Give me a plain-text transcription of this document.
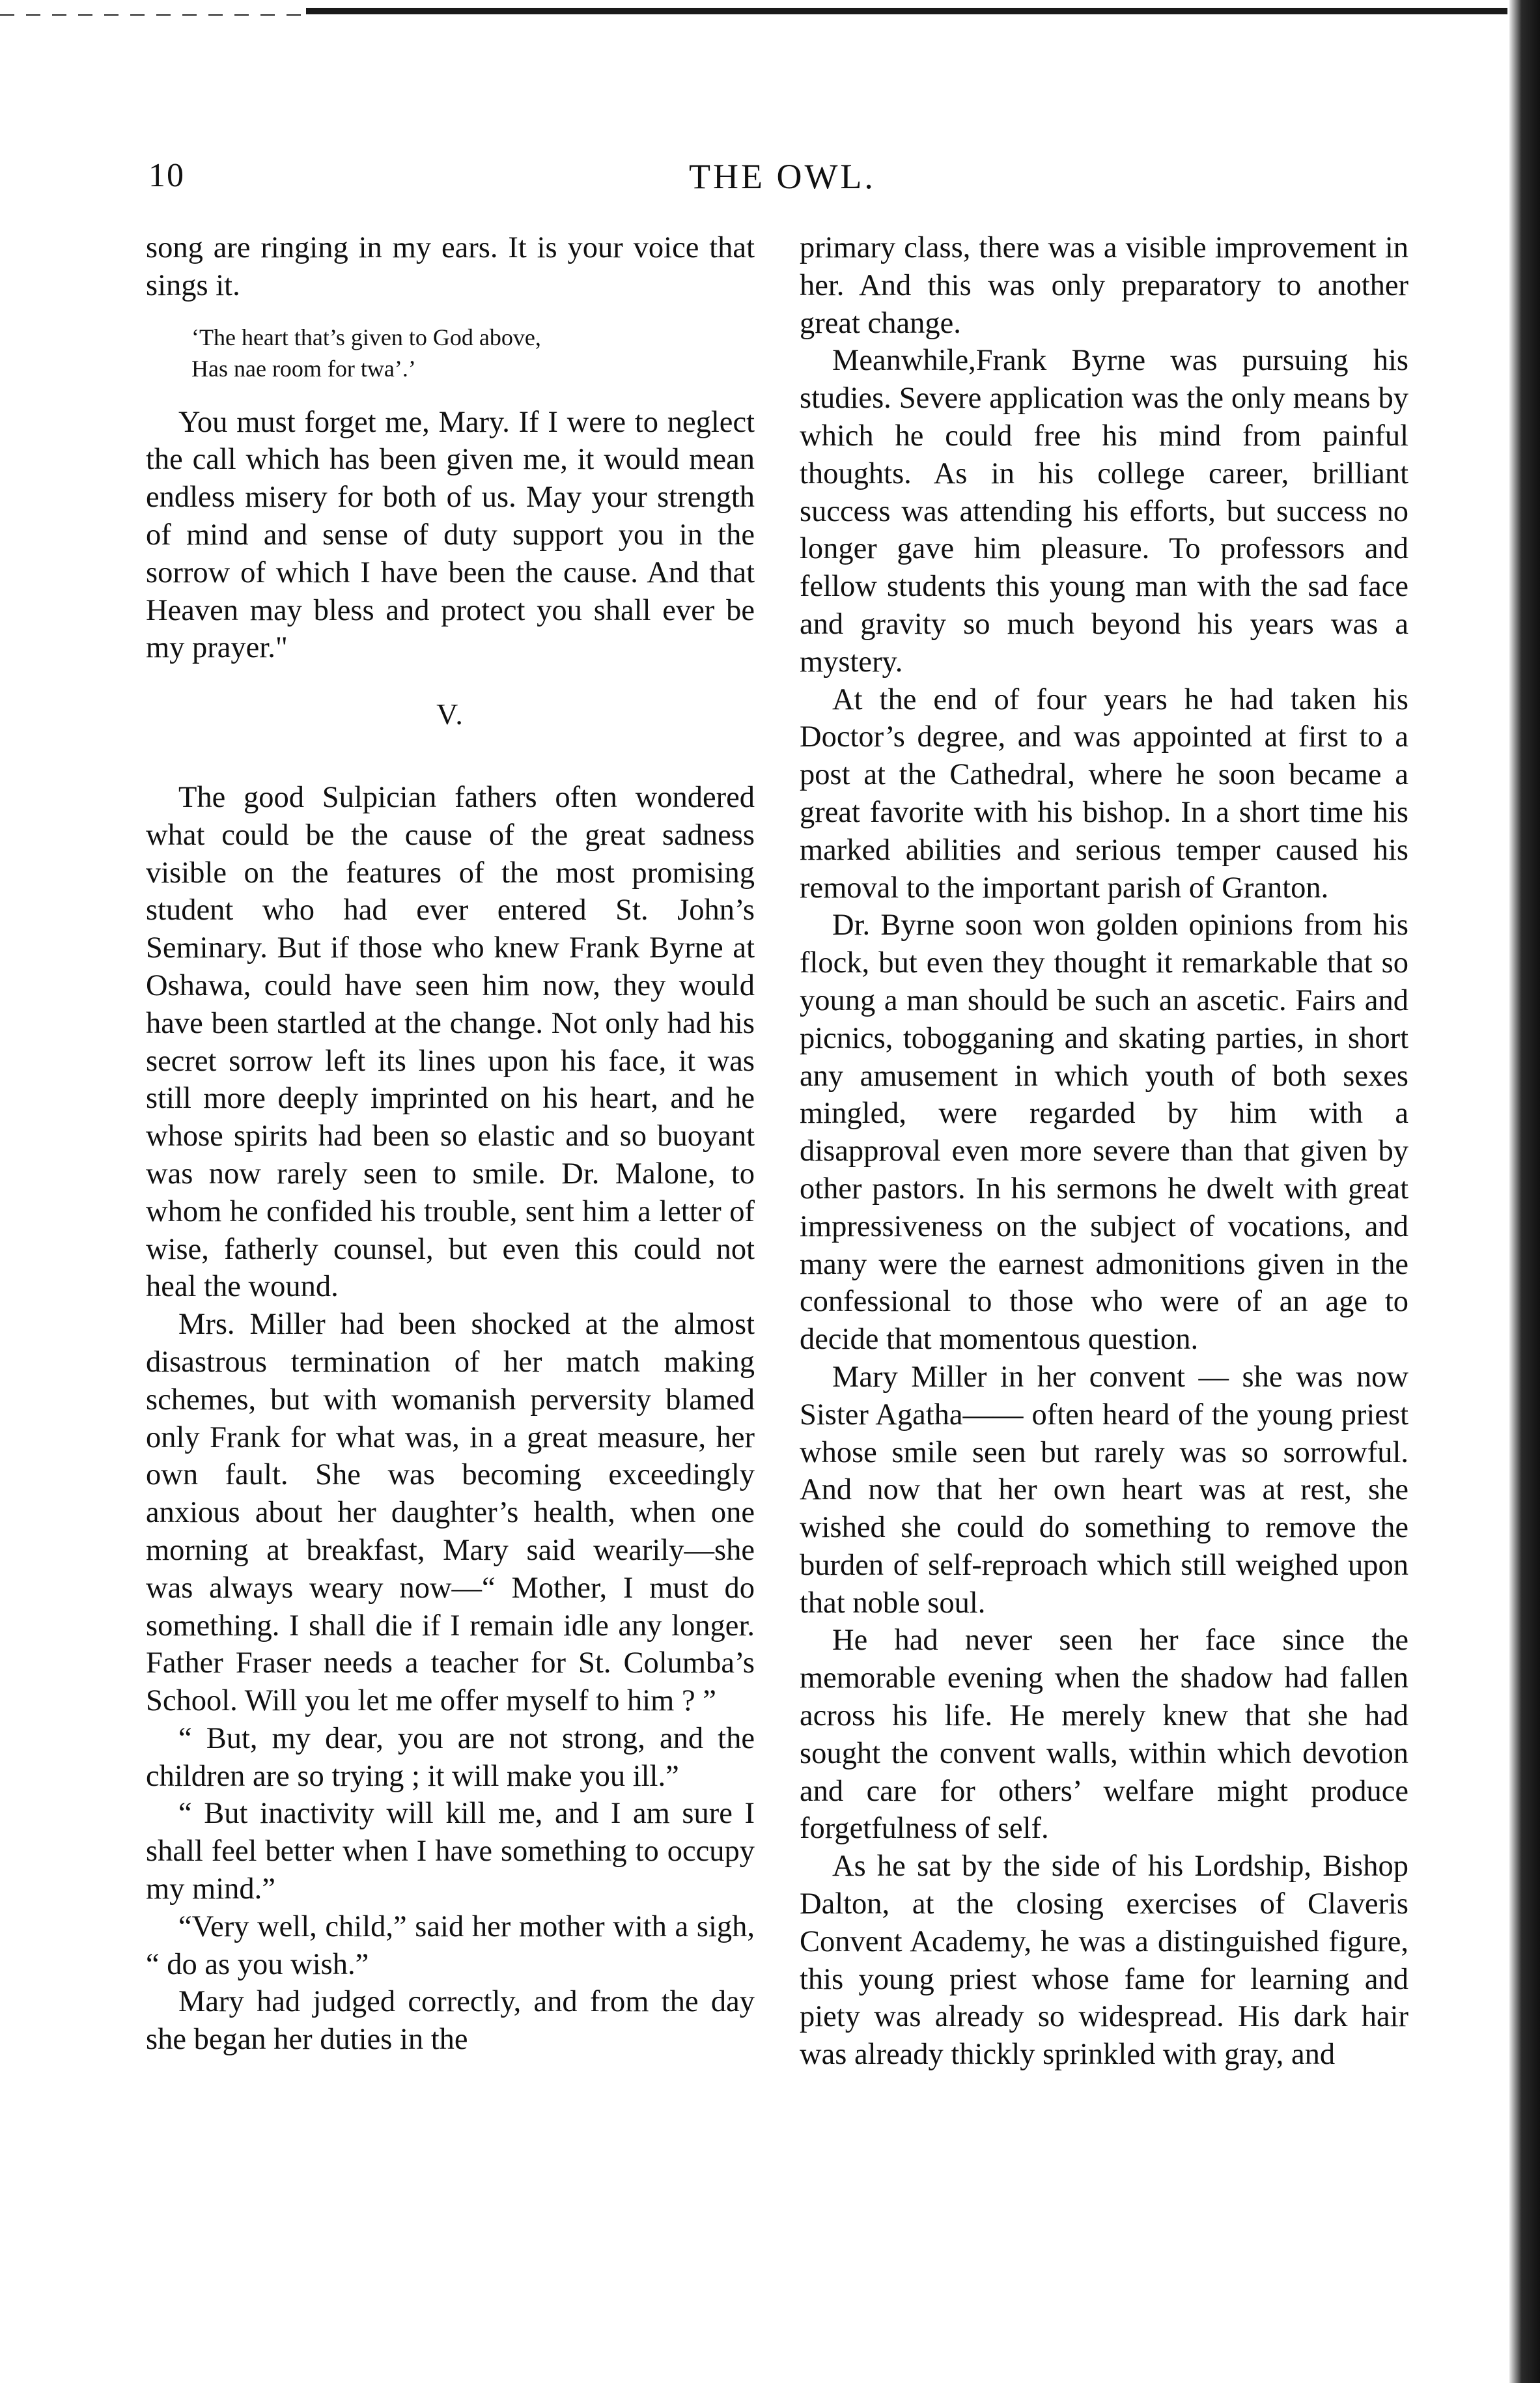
10	THE OWL.

song are ringing in my ears. It is your voice that sings it.

‘The heart that’s given to God above,
Has nae room for twa’.’

You must forget me, Mary. If I were to neglect the call which has been given me, it would mean endless misery for both of us. May your strength of mind and sense of duty support you in the sorrow of which I have been the cause. And that Heaven may bless and protect you shall ever be my prayer."

V.

The good Sulpician fathers often wondered what could be the cause of the great sadness visible on the features of the most promising student who had ever entered St. John’s Seminary. But if those who knew Frank Byrne at Oshawa, could have seen him now, they would have been startled at the change. Not only had his secret sorrow left its lines upon his face, it was still more deeply imprinted on his heart, and he whose spirits had been so elastic and so buoyant was now rarely seen to smile. Dr. Malone, to whom he confided his trouble, sent him a letter of wise, fatherly counsel, but even this could not heal the wound.

Mrs. Miller had been shocked at the almost disastrous termination of her match making schemes, but with womanish perversity blamed only Frank for what was, in a great measure, her own fault. She was becoming exceedingly anxious about her daughter’s health, when one morning at breakfast, Mary said wearily—she was always weary now—“ Mother, I must do something. I shall die if I remain idle any longer. Father Fraser needs a teacher for St. Columba’s School. Will you let me offer myself to him ? ”

“ But, my dear, you are not strong, and the children are so trying ; it will make you ill.”

“ But inactivity will kill me, and I am sure I shall feel better when I have something to occupy my mind.”

“Very well, child,” said her mother with a sigh, “ do as you wish.”

Mary had judged correctly, and from the day she began her duties in the

primary class, there was a visible improvement in her. And this was only preparatory to another great change.

Meanwhile,Frank Byrne was pursuing his studies. Severe application was the only means by which he could free his mind from painful thoughts. As in his college career, brilliant success was attending his efforts, but success no longer gave him pleasure. To professors and fellow students this young man with the sad face and gravity so much beyond his years was a mystery.

At the end of four years he had taken his Doctor’s degree, and was appointed at first to a post at the Cathedral, where he soon became a great favorite with his bishop. In a short time his marked abilities and serious temper caused his removal to the important parish of Granton.

Dr. Byrne soon won golden opinions from his flock, but even they thought it remarkable that so young a man should be such an ascetic. Fairs and picnics, tobogganing and skating parties, in short any amusement in which youth of both sexes mingled, were regarded by him with a disapproval even more severe than that given by other pastors. In his sermons he dwelt with great impressiveness on the subject of vocations, and many were the earnest admonitions given in the confessional to those who were of an age to decide that momentous question.

Mary Miller in her convent — she was now Sister Agatha—— often heard of the young priest whose smile seen but rarely was so sorrowful. And now that her own heart was at rest, she wished she could do something to remove the burden of self-reproach which still weighed upon that noble soul.

He had never seen her face since the memorable evening when the shadow had fallen across his life. He merely knew that she had sought the convent walls, within which devotion and care for others’ welfare might produce forgetfulness of self.

As he sat by the side of his Lordship, Bishop Dalton, at the closing exercises of Claveris Convent Academy, he was a distinguished figure, this young priest whose fame for learning and piety was already so widespread. His dark hair was already thickly sprinkled with gray, and
